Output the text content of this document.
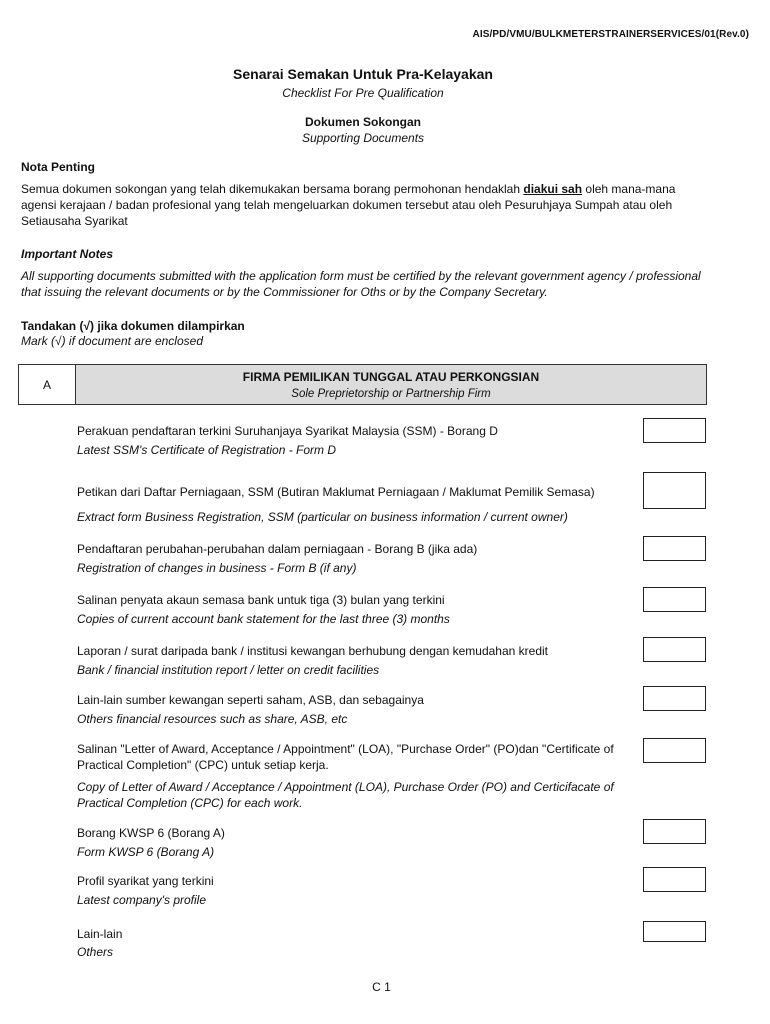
AIS/PD/VMU/BULKMETERSTRAINERSERVICES/01(Rev.0)
Senarai Semakan Untuk Pra-Kelayakan
Checklist For Pre Qualification
Dokumen Sokongan
Supporting Documents
Nota Penting
Semua dokumen sokongan yang telah dikemukakan bersama borang permohonan hendaklah diakui sah oleh mana-mana agensi kerajaan / badan profesional yang telah mengeluarkan dokumen tersebut atau oleh Pesuruhjaya Sumpah atau oleh Setiausaha Syarikat
Important Notes
All supporting documents submitted with the application form must be certified by the relevant government agency / professional that issuing the relevant documents or by the Commissioner for Oths or by the Company Secretary.
Tandakan (√) jika dokumen dilampirkan
Mark (√) if document are enclosed
A
FIRMA PEMILIKAN TUNGGAL ATAU PERKONGSIAN
Sole Preprietorship or Partnership Firm
Perakuan pendaftaran terkini Suruhanjaya Syarikat Malaysia (SSM) - Borang D
Latest SSM's Certificate of Registration - Form D
Petikan dari Daftar Perniagaan, SSM (Butiran Maklumat Perniagaan / Maklumat Pemilik Semasa)
Extract form Business Registration, SSM (particular on business information / current owner)
Pendaftaran perubahan-perubahan dalam perniagaan - Borang B (jika ada)
Registration of changes in business - Form B (if any)
Salinan penyata akaun semasa bank untuk tiga (3) bulan yang terkini
Copies of current account bank statement for the last three (3) months
Laporan / surat daripada bank / institusi kewangan berhubung dengan kemudahan kredit
Bank / financial institution report / letter on credit facilities
Lain-lain sumber kewangan seperti saham, ASB, dan sebagainya
Others financial resources such as share, ASB, etc
Salinan "Letter of Award, Acceptance / Appointment" (LOA), "Purchase Order" (PO)dan "Certificate of Practical Completion" (CPC) untuk setiap kerja.
Copy of Letter of Award / Acceptance / Appointment (LOA), Purchase Order (PO) and Certicifacate of Practical Completion (CPC) for each work.
Borang KWSP 6 (Borang A)
Form KWSP 6 (Borang A)
Profil syarikat yang terkini
Latest company's profile
Lain-lain
Others
C 1
